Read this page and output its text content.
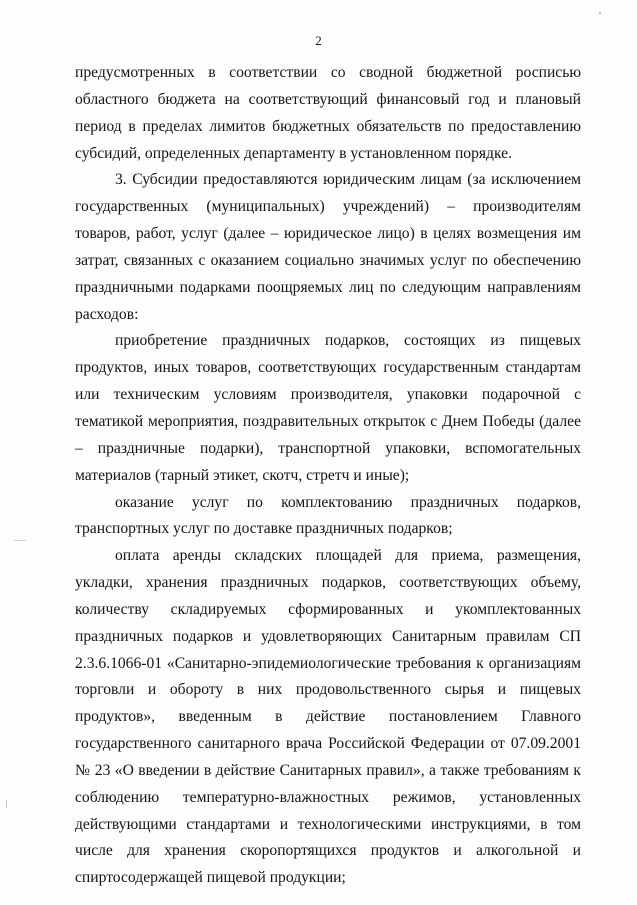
2

предусмотренных в соответствии со сводной бюджетной росписью областного бюджета на соответствующий финансовый год и плановый период в пределах лимитов бюджетных обязательств по предоставлению субсидий, определенных департаменту в установленном порядке.

3. Субсидии предоставляются юридическим лицам (за исключением государственных (муниципальных) учреждений) – производителям товаров, работ, услуг (далее – юридическое лицо) в целях возмещения им затрат, связанных с оказанием социально значимых услуг по обеспечению праздничными подарками поощряемых лиц по следующим направлениям расходов:

приобретение праздничных подарков, состоящих из пищевых продуктов, иных товаров, соответствующих государственным стандартам или техническим условиям производителя, упаковки подарочной с тематикой мероприятия, поздравительных открыток с Днем Победы (далее – праздничные подарки), транспортной упаковки, вспомогательных материалов (тарный этикет, скотч, стретч и иные);

оказание услуг по комплектованию праздничных подарков, транспортных услуг по доставке праздничных подарков;

оплата аренды складских площадей для приема, размещения, укладки, хранения праздничных подарков, соответствующих объему, количеству складируемых сформированных и укомплектованных праздничных подарков и удовлетворяющих Санитарным правилам СП 2.3.6.1066-01 «Санитарно-эпидемиологические требования к организациям торговли и обороту в них продовольственного сырья и пищевых продуктов», введенным в действие постановлением Главного государственного санитарного врача Российской Федерации от 07.09.2001 № 23 «О введении в действие Санитарных правил», а также требованиям к соблюдению температурно-влажностных режимов, установленных действующими стандартами и технологическими инструкциями, в том числе для хранения скоропортящихся продуктов и алкогольной и спиртосодержащей пищевой продукции;
